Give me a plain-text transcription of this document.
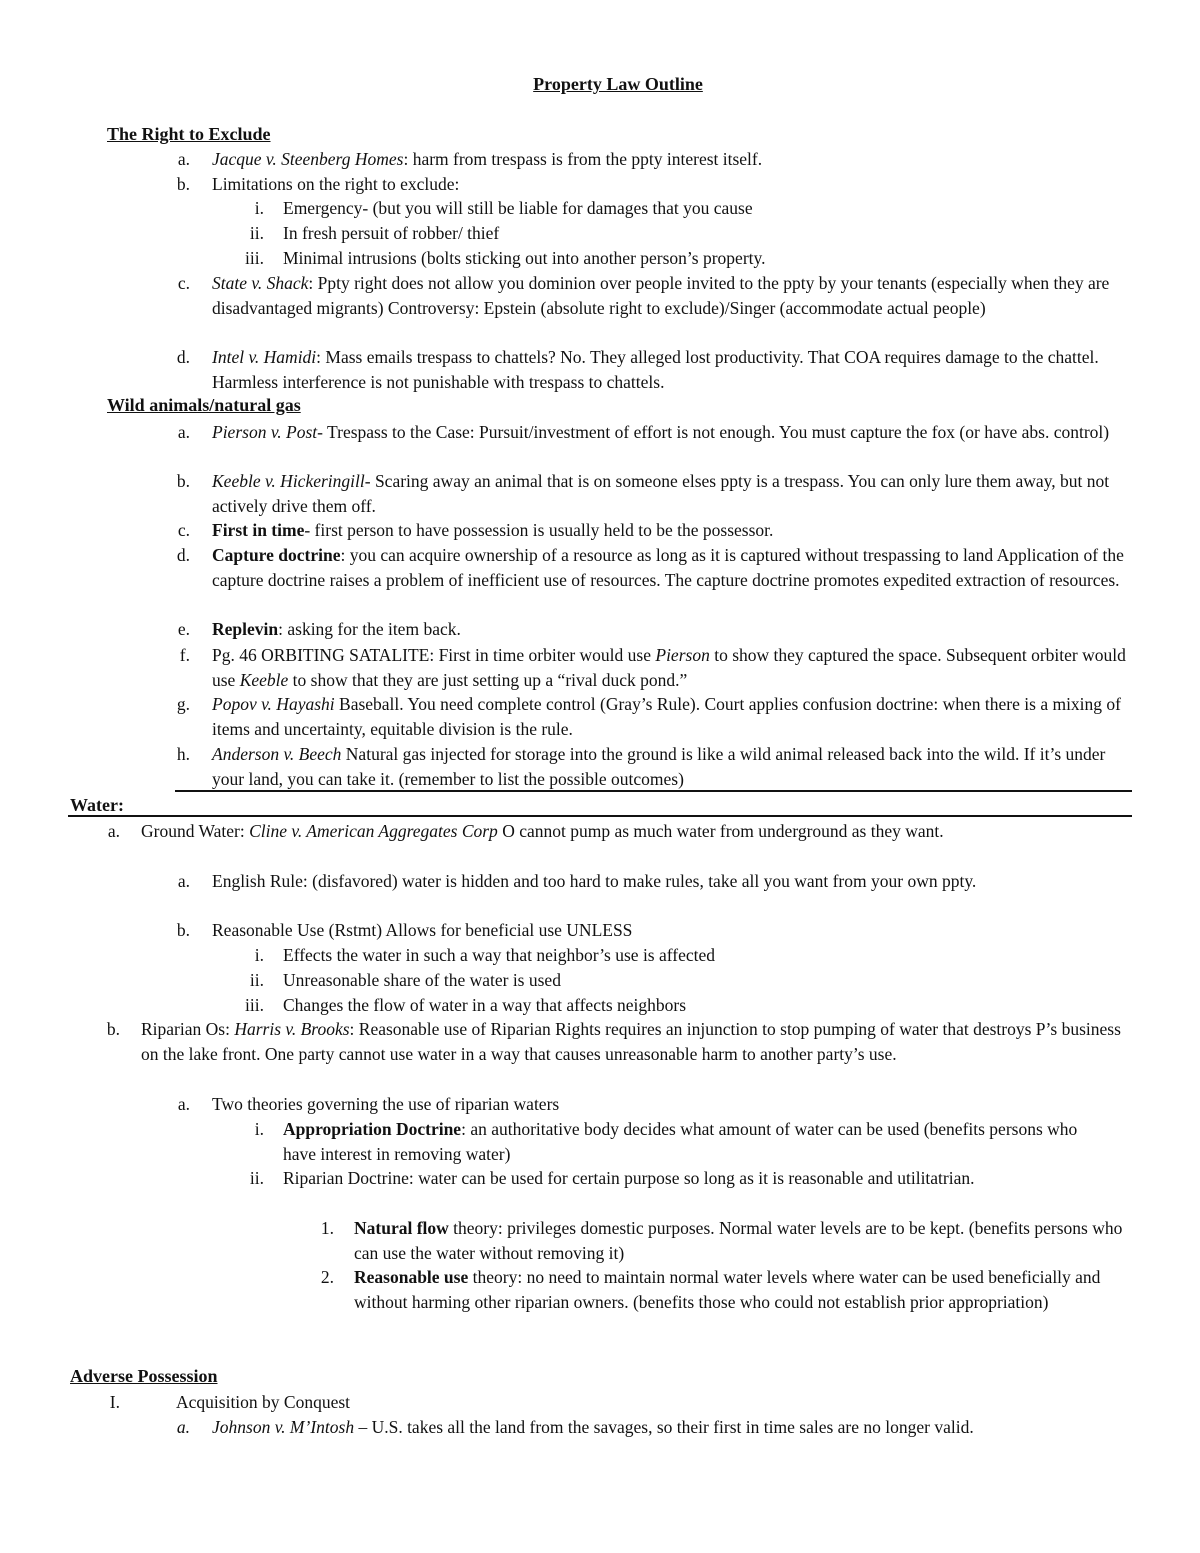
Property Law Outline
The Right to Exclude
a. Jacque v. Steenberg Homes: harm from trespass is from the ppty interest itself.
b. Limitations on the right to exclude:
i. Emergency- (but you will still be liable for damages that you cause
ii. In fresh persuit of robber/ thief
iii. Minimal intrusions (bolts sticking out into another person’s property.
c. State v. Shack: Ppty right does not allow you dominion over people invited to the ppty by your tenants (especially when they are disadvantaged migrants) Controversy: Epstein (absolute right to exclude)/Singer (accommodate actual people)
d. Intel v. Hamidi: Mass emails trespass to chattels? No. They alleged lost productivity. That COA requires damage to the chattel. Harmless interference is not punishable with trespass to chattels.
Wild animals/natural gas
a. Pierson v. Post- Trespass to the Case: Pursuit/investment of effort is not enough. You must capture the fox (or have abs. control)
b. Keeble v. Hickeringill- Scaring away an animal that is on someone elses ppty is a trespass. You can only lure them away, but not actively drive them off.
c. First in time- first person to have possession is usually held to be the possessor.
d. Capture doctrine: you can acquire ownership of a resource as long as it is captured without trespassing to land Application of the capture doctrine raises a problem of inefficient use of resources. The capture doctrine promotes expedited extraction of resources.
e. Replevin: asking for the item back.
f. Pg. 46 ORBITING SATALITE: First in time orbiter would use Pierson to show they captured the space. Subsequent orbiter would use Keeble to show that they are just setting up a “rival duck pond.”
g. Popov v. Hayashi Baseball. You need complete control (Gray’s Rule). Court applies confusion doctrine: when there is a mixing of items and uncertainty, equitable division is the rule.
h. Anderson v. Beech Natural gas injected for storage into the ground is like a wild animal released back into the wild. If it’s under your land, you can take it. (remember to list the possible outcomes)
Water:
a. Ground Water: Cline v. American Aggregates Corp O cannot pump as much water from underground as they want.
a. English Rule: (disfavored) water is hidden and too hard to make rules, take all you want from your own ppty.
b. Reasonable Use (Rstmt) Allows for beneficial use UNLESS
i. Effects the water in such a way that neighbor’s use is affected
ii. Unreasonable share of the water is used
iii. Changes the flow of water in a way that affects neighbors
b. Riparian Os: Harris v. Brooks: Reasonable use of Riparian Rights requires an injunction to stop pumping of water that destroys P’s business on the lake front. One party cannot use water in a way that causes unreasonable harm to another party’s use.
a. Two theories governing the use of riparian waters
i. Appropriation Doctrine: an authoritative body decides what amount of water can be used (benefits persons who have interest in removing water)
ii. Riparian Doctrine: water can be used for certain purpose so long as it is reasonable and utilitatrian.
1. Natural flow theory: privileges domestic purposes. Normal water levels are to be kept. (benefits persons who can use the water without removing it)
2. Reasonable use theory: no need to maintain normal water levels where water can be used beneficially and without harming other riparian owners. (benefits those who could not establish prior appropriation)
Adverse Possession
I.	Acquisition by Conquest
a. Johnson v. M’Intosh – U.S. takes all the land from the savages, so their first in time sales are no longer valid.
